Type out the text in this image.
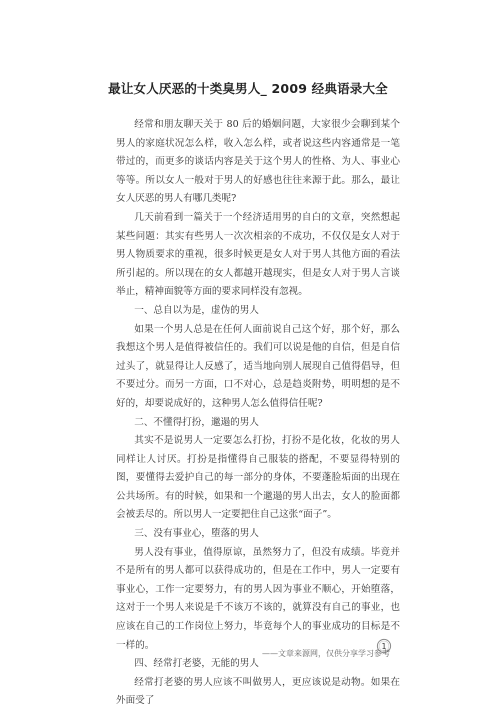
最让女人厌恶的十类臭男人_ 2009 经典语录大全

经常和朋友聊天关于 80 后的婚姻问题，大家很少会聊到某个男人的家庭状况怎么样，收入怎么样，或者说这些内容通常是一笔带过的，而更多的谈话内容是关于这个男人的性格、为人、事业心等等。所以女人一般对于男人的好感也往往来源于此。那么，最让女人厌恶的男人有哪几类呢?

几天前看到一篇关于一个经济适用男的自白的文章，突然想起某些问题：其实有些男人一次次相亲的不成功，不仅仅是女人对于男人物质要求的重视，很多时候更是女人对于男人其他方面的看法所引起的。所以现在的女人都越开越现实，但是女人对于男人言谈举止，精神面貌等方面的要求同样没有忽视。

一、总自以为是，虚伪的男人

如果一个男人总是在任何人面前说自己这个好，那个好，那么我想这个男人是值得被信任的。我们可以说是他的自信，但是自信过头了，就显得让人反感了，适当地向别人展现自己值得倡导，但不要过分。而另一方面，口不对心，总是趋炎附势，明明想的是不好的，却要说成好的，这种男人怎么值得信任呢?

二、不懂得打扮，邋遢的男人

其实不是说男人一定要怎么打扮，打扮不是化妆，化妆的男人同样让人讨厌。打扮是指懂得自己服装的搭配，不要显得特别的图，要懂得去爱护自己的每一部分的身体，不要蓬脸垢面的出现在公共场所。有的时候，如果和一个邋遢的男人出去，女人的脸面都会被丢尽的。所以男人一定要把住自己这张“面子”。

三、没有事业心，堕落的男人

男人没有事业，值得原谅，虽然努力了，但没有成绩。毕竟并不是所有的男人都可以获得成功的，但是在工作中，男人一定要有事业心，工作一定要努力，有的男人因为事业不顺心，开始堕落，这对于一个男人来说是千不该万不该的，就算没有自己的事业，也应该在自己的工作岗位上努力，毕竟每个人的事业成功的目标是不一样的。

四、经常打老婆，无能的男人

经常打老婆的男人应该不叫做男人，更应该说是动物。如果在外面受了

1
——文章来源网，仅供分享学习参考
